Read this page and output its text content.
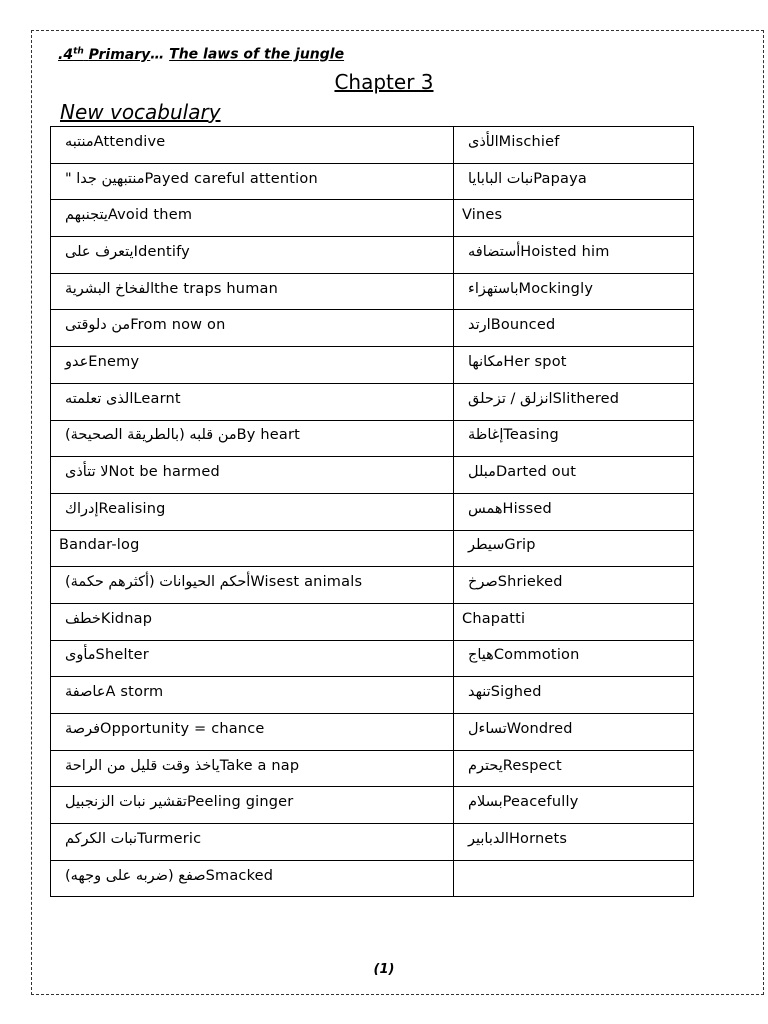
.4th Primary… The laws of the jungle
Chapter 3
New vocabulary
Attendiveمنتبه	Mischiefالأذى
Payed careful attentionمنتبهين جدا "	Papayaنبات البابايا
Avoid themيتجنبهم	Vines
Identifyيتعرف على	Hoisted himأستضافه
the traps humanالفخاخ البشرية	Mockinglyباستهزاء
From now onمن دلوقتى	Bouncedارتد
Enemyعدو	Her spotمكانها
Learntالذى تعلمته	Slitheredانزلق / تزحلق
By heartمن قلبه (بالطريقة الصحيحة)	Teasingإغاظة
Not be harmedلا تتأذى	Darted outمبلل
Realisingإدراك	Hissedهمس
Bandar-log	Gripسيطر
Wisest animalsأحكم الحيوانات (أكثرهم حكمة)	Shriekedصرخ
Kidnapخطف	Chapatti
Shelterمأوى	Commotionهياج
A stormعاصفة	Sighedتنهد
Opportunity = chanceفرصة	Wondredتساءل
Take a napياخذ وقت قليل من الراحة	Respectيحترم
Peeling gingerتقشير نبات الزنجبيل	Peacefullyبسلام
Turmericنبات الكركم	Hornetsالدبابير
Smackedصفع (ضربه على وجهه)	
(1)
